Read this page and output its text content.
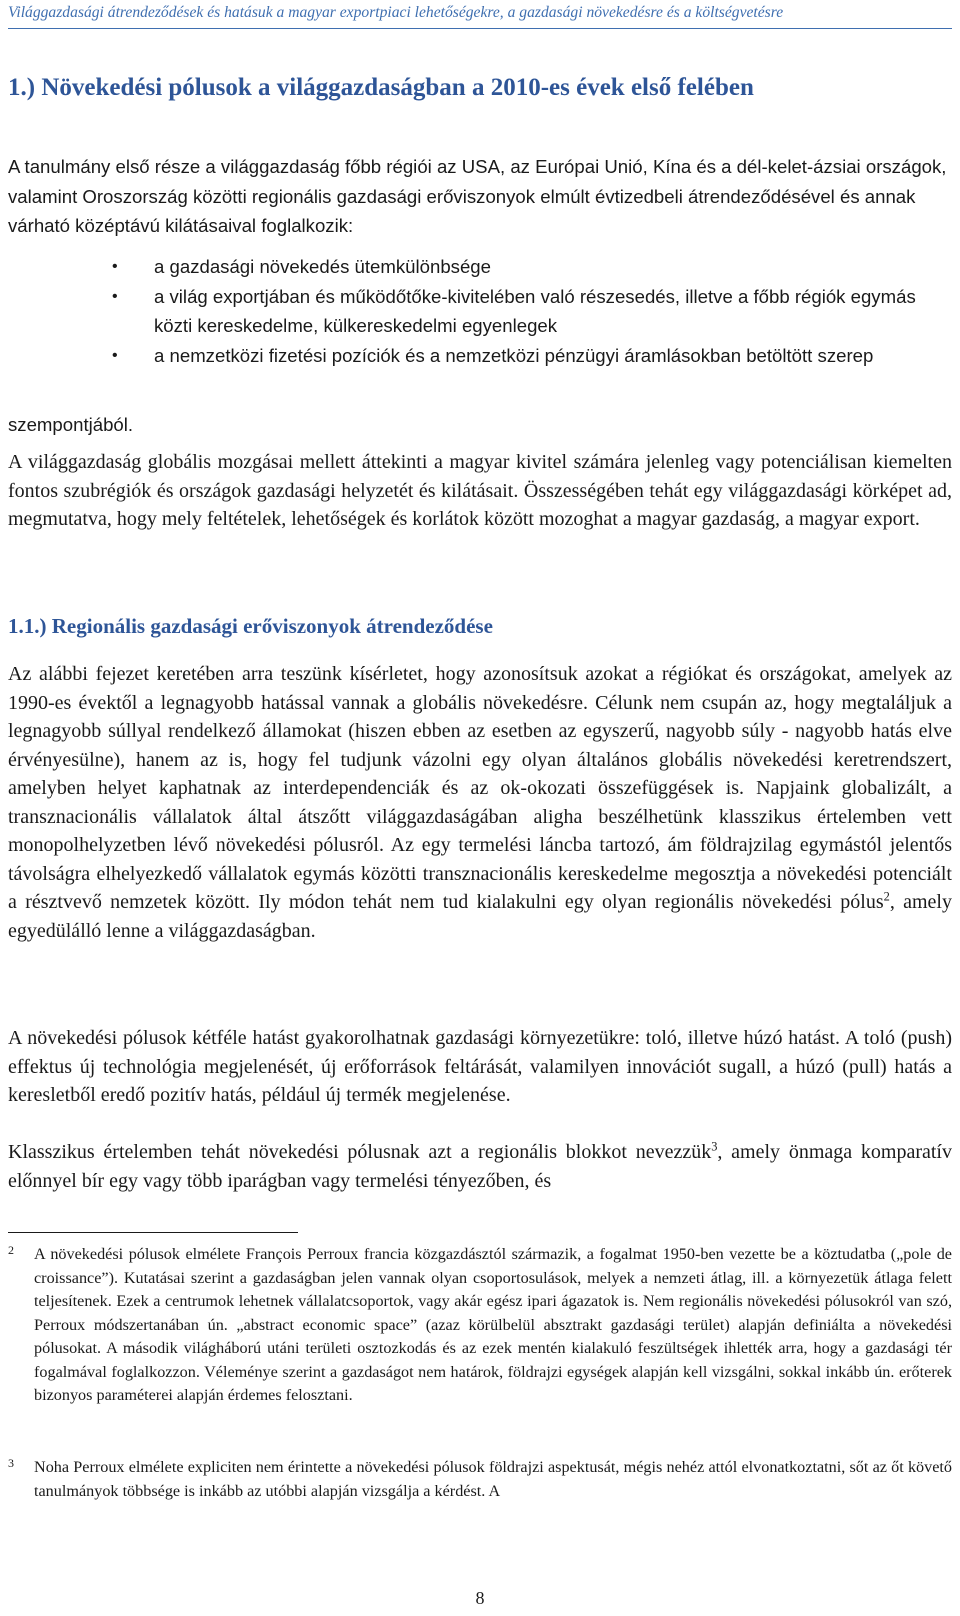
Világgazdasági átrendeződések és hatásuk a magyar exportpiaci lehetőségekre, a gazdasági növekedésre és a költségvetésre
1.) Növekedési pólusok a világgazdaságban a 2010-es évek első felében

A tanulmány első része a világgazdaság főbb régiói az USA, az Európai Unió, Kína és a dél-kelet-ázsiai országok, valamint Oroszország közötti regionális gazdasági erőviszonyok elmúlt évtizedbeli átrendeződésével és annak várható középtávú kilátásaival foglalkozik:

• a gazdasági növekedés ütemkülönbsége
• a világ exportjában és működőtőke-kivitelében való részesedés, illetve a főbb régiók egymás közti kereskedelme, külkereskedelmi egyenlegek
• a nemzetközi fizetési pozíciók és a nemzetközi pénzügyi áramlásokban betöltött szerep

szempontjából.

A világgazdaság globális mozgásai mellett áttekinti a magyar kivitel számára jelenleg vagy potenciálisan kiemelten fontos szubrégiók és országok gazdasági helyzetét és kilátásait. Összességében tehát egy világgazdasági körképet ad, megmutatva, hogy mely feltételek, lehetőségek és korlátok között mozoghat a magyar gazdaság, a magyar export.

1.1.) Regionális gazdasági erőviszonyok átrendeződése

Az alábbi fejezet keretében arra teszünk kísérletet, hogy azonosítsuk azokat a régiókat és országokat, amelyek az 1990-es évektől a legnagyobb hatással vannak a globális növekedésre. Célunk nem csupán az, hogy megtaláljuk a legnagyobb súllyal rendelkező államokat (hiszen ebben az esetben az egyszerű, nagyobb súly - nagyobb hatás elve érvényesülne), hanem az is, hogy fel tudjunk vázolni egy olyan általános globális növekedési keretrendszert, amelyben helyet kaphatnak az interdependenciák és az ok-okozati összefüggések is. Napjaink globalizált, a transznacionális vállalatok által átszőtt világgazdaságában aligha beszélhetünk klasszikus értelemben vett monopolhelyzetben lévő növekedési pólusról. Az egy termelési láncba tartozó, ám földrajzilag egymástól jelentős távolságra elhelyezkedő vállalatok egymás közötti transznacionális kereskedelme megosztja a növekedési potenciált a résztvevő nemzetek között. Ily módon tehát nem tud kialakulni egy olyan regionális növekedési pólus$^2$, amely egyedülálló lenne a világgazdaságban.

A növekedési pólusok kétféle hatást gyakorolhatnak gazdasági környezetükre: toló, illetve húzó hatást. A toló (push) effektus új technológia megjelenését, új erőforrások feltárását, valamilyen innovációt sugall, a húzó (pull) hatás a keresletből eredő pozitív hatás, például új termék megjelenése.

Klasszikus értelemben tehát növekedési pólusnak azt a regionális blokkot nevezzük$^3$, amely önmaga komparatív előnnyel bír egy vagy több iparágban vagy termelési tényezőben, és

2 A növekedési pólusok elmélete François Perroux francia közgazdásztól származik, a fogalmat 1950-ben vezette be a köztudatba („pole de croissance”). Kutatásai szerint a gazdaságban jelen vannak olyan csoportosulások, melyek a nemzeti átlag, ill. a környezetük átlaga felett teljesítenek. Ezek a centrumok lehetnek vállalatcsoportok, vagy akár egész ipari ágazatok is. Nem regionális növekedési pólusokról van szó, Perroux módszertanában ún. „abstract economic space” (azaz körülbelül absztrakt gazdasági terület) alapján definiálta a növekedési pólusokat. A második világháború utáni területi osztozkodás és az ezek mentén kialakuló feszültségek ihlették arra, hogy a gazdasági tér fogalmával foglalkozzon. Véleménye szerint a gazdaságot nem határok, földrajzi egységek alapján kell vizsgálni, sokkal inkább ún. erőterek bizonyos paraméterei alapján érdemes felosztani.
3 Noha Perroux elmélete expliciten nem érintette a növekedési pólusok földrajzi aspektusát, mégis nehéz attól elvonatkoztatni, sőt az őt követő tanulmányok többsége is inkább az utóbbi alapján vizsgálja a kérdést. A
8
